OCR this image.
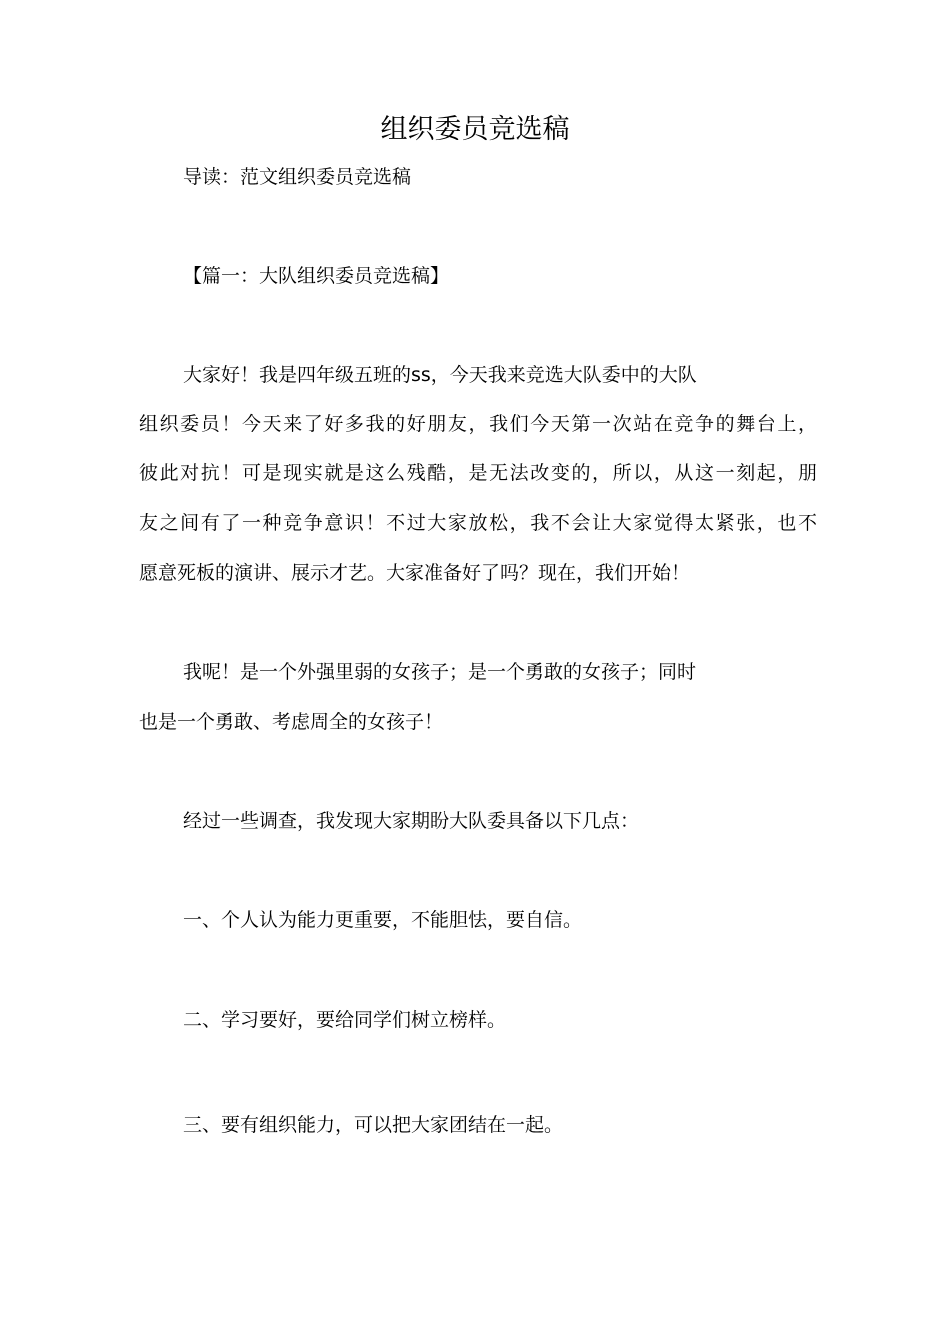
组织委员竞选稿
导读：范文组织委员竞选稿
【篇一：大队组织委员竞选稿】
大家好！我是四年级五班的ss，今天我来竞选大队委中的大队
组织委员！今天来了好多我的好朋友，我们今天第一次站在竞争的舞台上，
彼此对抗！可是现实就是这么残酷，是无法改变的，所以，从这一刻起，朋
友之间有了一种竞争意识！不过大家放松，我不会让大家觉得太紧张，也不
愿意死板的演讲、展示才艺。大家准备好了吗？现在，我们开始！
我呢！是一个外强里弱的女孩子；是一个勇敢的女孩子；同时
也是一个勇敢、考虑周全的女孩子！
经过一些调查，我发现大家期盼大队委具备以下几点：
一、个人认为能力更重要，不能胆怯，要自信。
二、学习要好，要给同学们树立榜样。
三、要有组织能力，可以把大家团结在一起。
